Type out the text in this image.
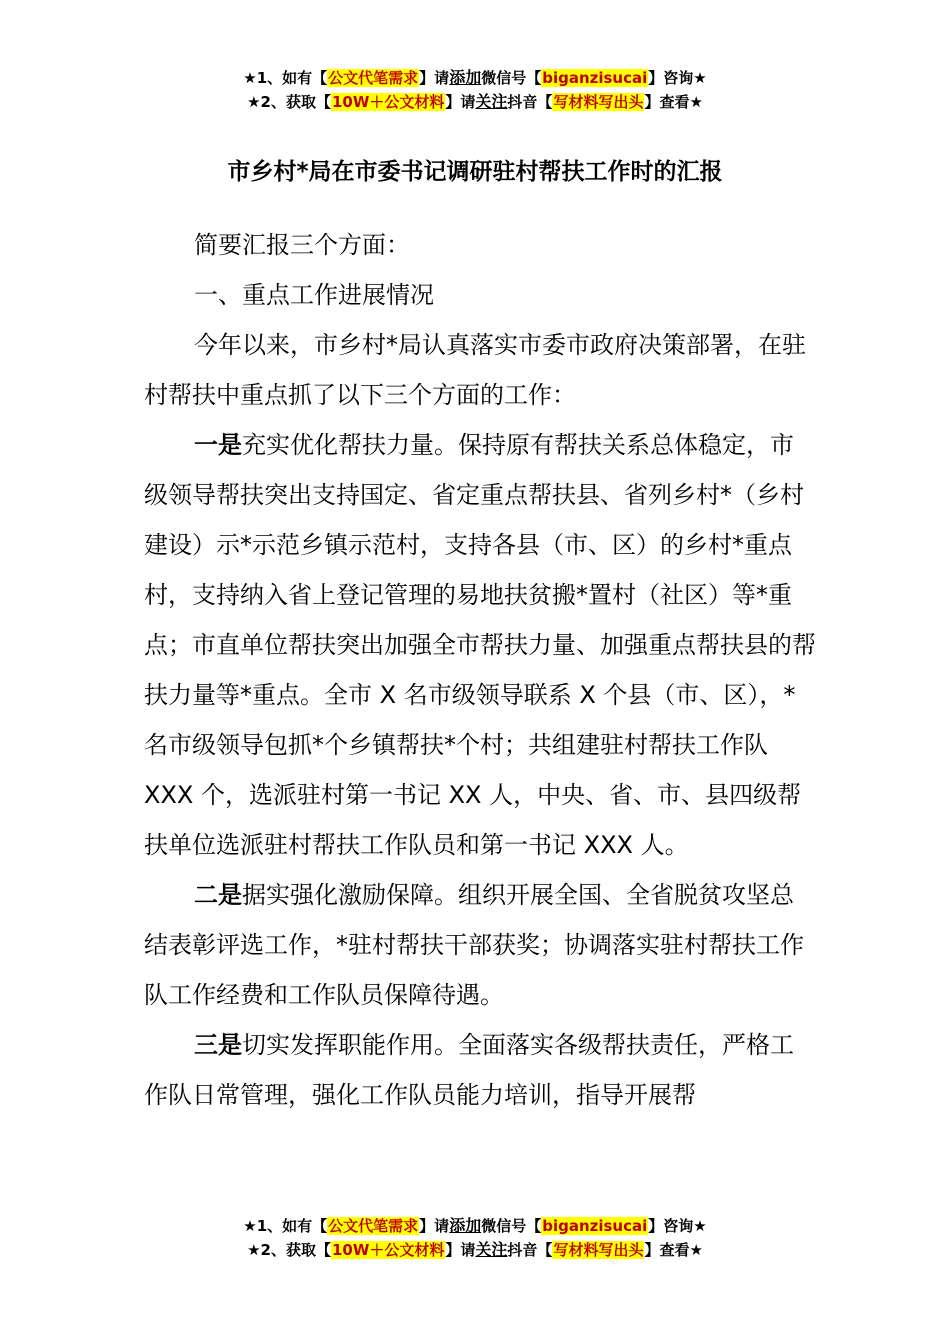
★1、如有【公文代笔需求】请添加微信号【biganzisucai】咨询★
★2、获取【10W＋公文材料】请关注抖音【写材料写出头】查看★
市乡村*局在市委书记调研驻村帮扶工作时的汇报

简要汇报三个方面：

一、重点工作进展情况

今年以来，市乡村*局认真落实市委市政府决策部署，在驻村帮扶中重点抓了以下三个方面的工作：

一是充实优化帮扶力量。保持原有帮扶关系总体稳定，市级领导帮扶突出支持国定、省定重点帮扶县、省列乡村*（乡村建设）示*示范乡镇示范村，支持各县（市、区）的乡村*重点村，支持纳入省上登记管理的易地扶贫搬*置村（社区）等*重点；市直单位帮扶突出加强全市帮扶力量、加强重点帮扶县的帮扶力量等*重点。全市 X 名市级领导联系 X 个县（市、区），*名市级领导包抓*个乡镇帮扶*个村；共组建驻村帮扶工作队 XXX 个，选派驻村第一书记 XX 人，中央、省、市、县四级帮扶单位选派驻村帮扶工作队员和第一书记 XXX 人。

二是据实强化激励保障。组织开展全国、全省脱贫攻坚总结表彰评选工作，*驻村帮扶干部获奖；协调落实驻村帮扶工作队工作经费和工作队员保障待遇。

三是切实发挥职能作用。全面落实各级帮扶责任，严格工作队日常管理，强化工作队员能力培训，指导开展帮

★1、如有【公文代笔需求】请添加微信号【biganzisucai】咨询★
★2、获取【10W＋公文材料】请关注抖音【写材料写出头】查看★
